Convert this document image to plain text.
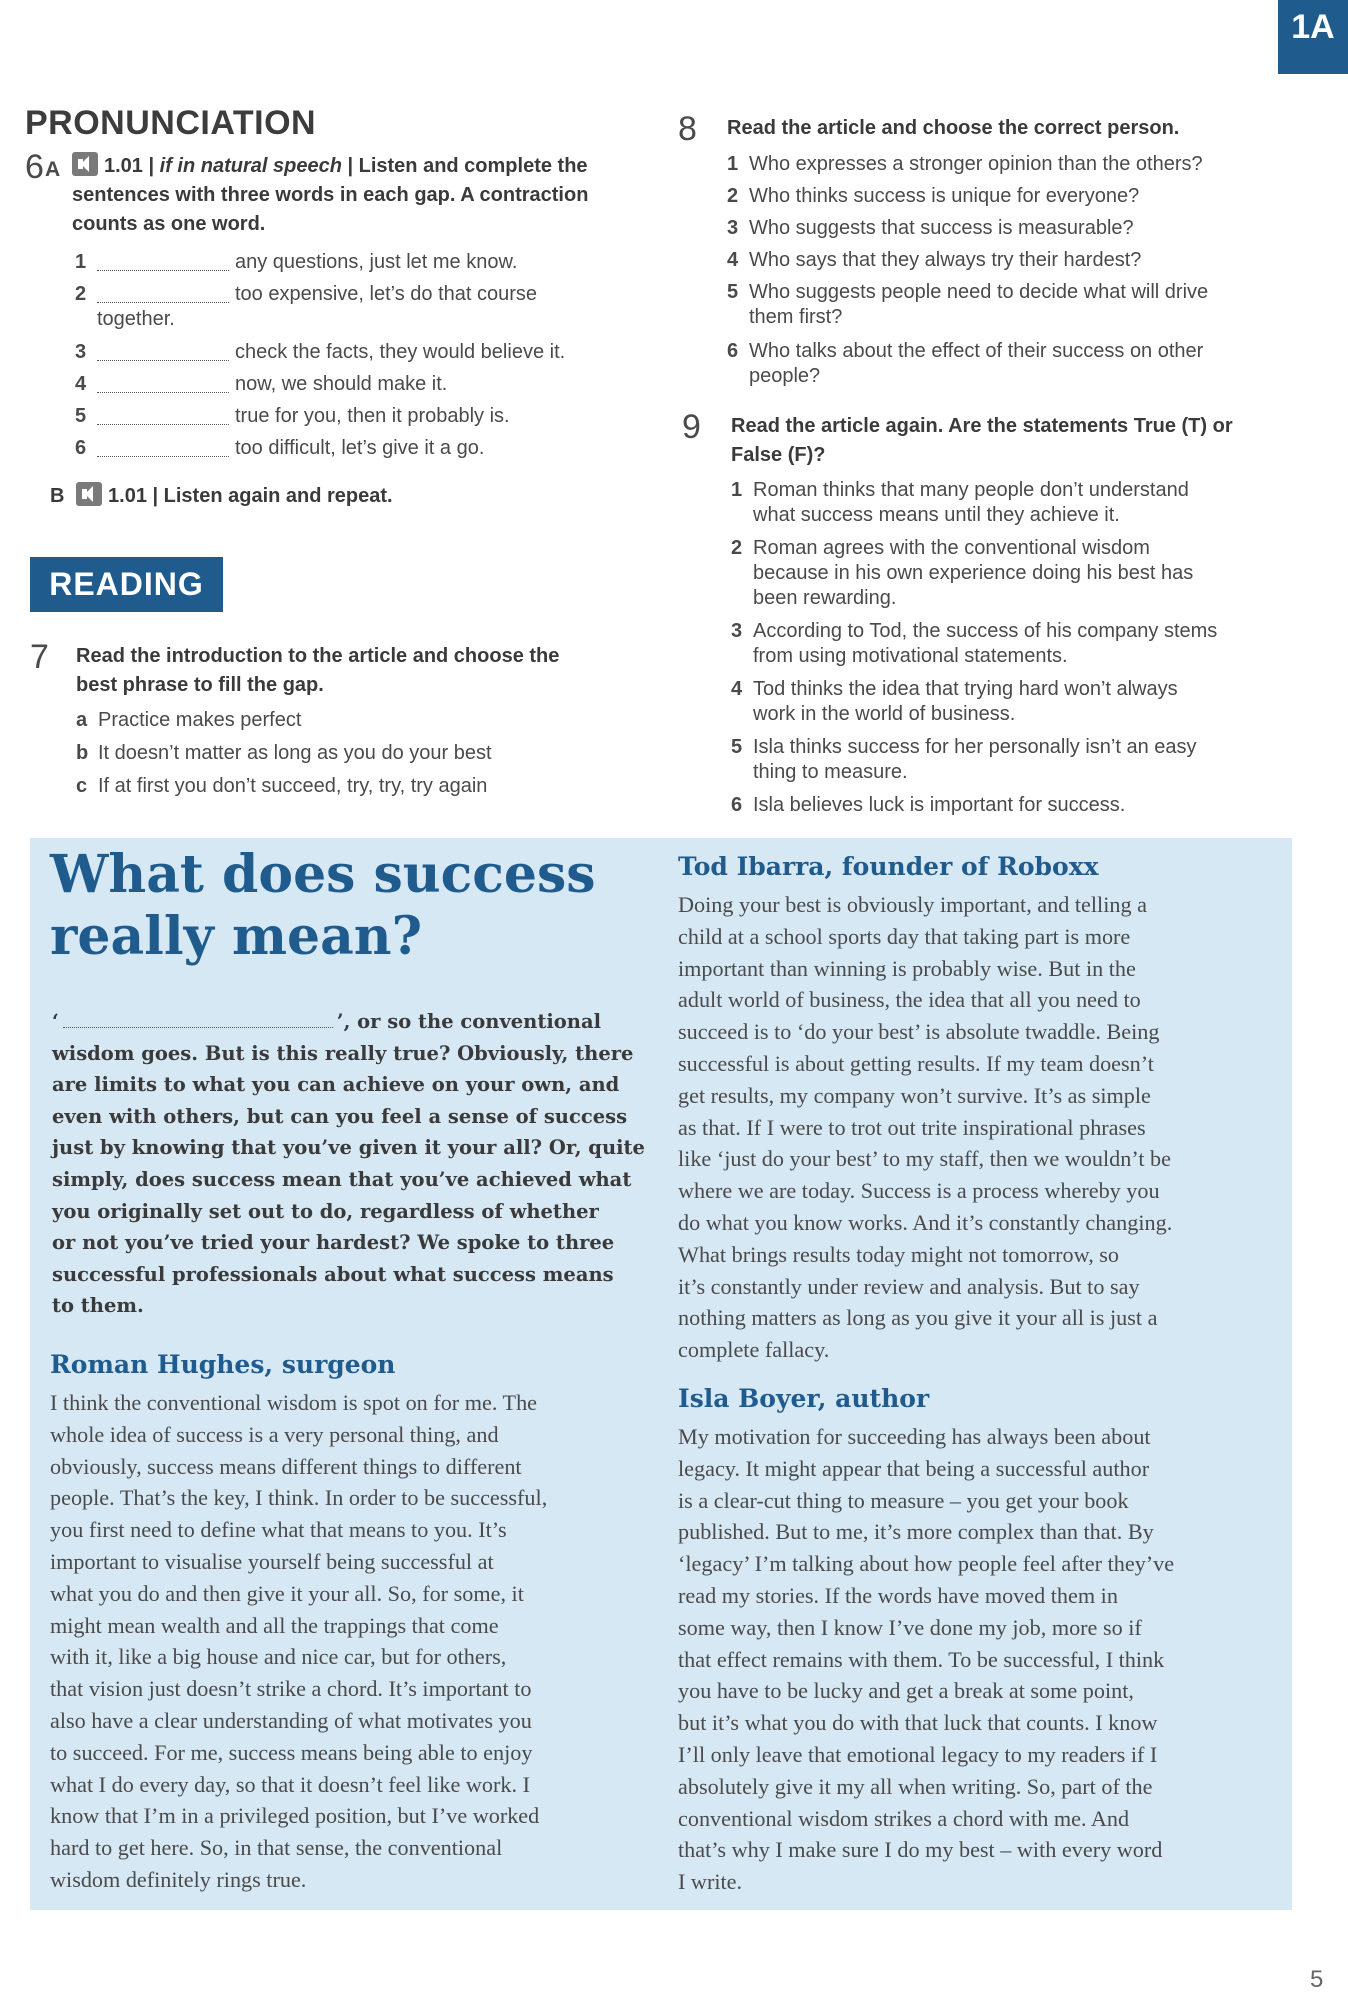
1A
PRONUNCIATION
6 A	1.01 | if in natural speech | Listen and complete the
sentences with three words in each gap. A contraction
counts as one word.
1	any questions, just let me know.
2	too expensive, let’s do that course
together.
3	check the facts, they would believe it.
4	now, we should make it.
5	true for you, then it probably is.
6	too difficult, let’s give it a go.
B 1.01 | Listen again and repeat.
READING
7 Read the introduction to the article and choose the
best phrase to fill the gap.
a Practice makes perfect
b It doesn’t matter as long as you do your best
c If at first you don’t succeed, try, try, try again
8 Read the article and choose the correct person.
1 Who expresses a stronger opinion than the others?
2 Who thinks success is unique for everyone?
3 Who suggests that success is measurable?
4 Who says that they always try their hardest?
5 Who suggests people need to decide what will drive
them first?
6 Who talks about the effect of their success on other
people?
9 Read the article again. Are the statements True (T) or
False (F)?
1 Roman thinks that many people don’t understand
what success means until they achieve it.
2 Roman agrees with the conventional wisdom
because in his own experience doing his best has
been rewarding.
3 According to Tod, the success of his company stems
from using motivational statements.
4 Tod thinks the idea that trying hard won’t always
work in the world of business.
5 Isla thinks success for her personally isn’t an easy
thing to measure.
6 Isla believes luck is important for success.
What does success
really mean?
‘	’, or so the conventional
wisdom goes. But is this really true? Obviously, there
are limits to what you can achieve on your own, and
even with others, but can you feel a sense of success
just by knowing that you’ve given it your all? Or, quite
simply, does success mean that you’ve achieved what
you originally set out to do, regardless of whether
or not you’ve tried your hardest? We spoke to three
successful professionals about what success means
to them.
Roman Hughes, surgeon
I think the conventional wisdom is spot on for me. The
whole idea of success is a very personal thing, and
obviously, success means different things to different
people. That’s the key, I think. In order to be successful,
you first need to define what that means to you. It’s
important to visualise yourself being successful at
what you do and then give it your all. So, for some, it
might mean wealth and all the trappings that come
with it, like a big house and nice car, but for others,
that vision just doesn’t strike a chord. It’s important to
also have a clear understanding of what motivates you
to succeed. For me, success means being able to enjoy
what I do every day, so that it doesn’t feel like work. I
know that I’m in a privileged position, but I’ve worked
hard to get here. So, in that sense, the conventional
wisdom definitely rings true.
Tod Ibarra, founder of Roboxx
Doing your best is obviously important, and telling a
child at a school sports day that taking part is more
important than winning is probably wise. But in the
adult world of business, the idea that all you need to
succeed is to ‘do your best’ is absolute twaddle. Being
successful is about getting results. If my team doesn’t
get results, my company won’t survive. It’s as simple
as that. If I were to trot out trite inspirational phrases
like ‘just do your best’ to my staff, then we wouldn’t be
where we are today. Success is a process whereby you
do what you know works. And it’s constantly changing.
What brings results today might not tomorrow, so
it’s constantly under review and analysis. But to say
nothing matters as long as you give it your all is just a
complete fallacy.
Isla Boyer, author
My motivation for succeeding has always been about
legacy. It might appear that being a successful author
is a clear-cut thing to measure – you get your book
published. But to me, it’s more complex than that. By
‘legacy’ I’m talking about how people feel after they’ve
read my stories. If the words have moved them in
some way, then I know I’ve done my job, more so if
that effect remains with them. To be successful, I think
you have to be lucky and get a break at some point,
but it’s what you do with that luck that counts. I know
I’ll only leave that emotional legacy to my readers if I
absolutely give it my all when writing. So, part of the
conventional wisdom strikes a chord with me. And
that’s why I make sure I do my best – with every word
I write.
5
